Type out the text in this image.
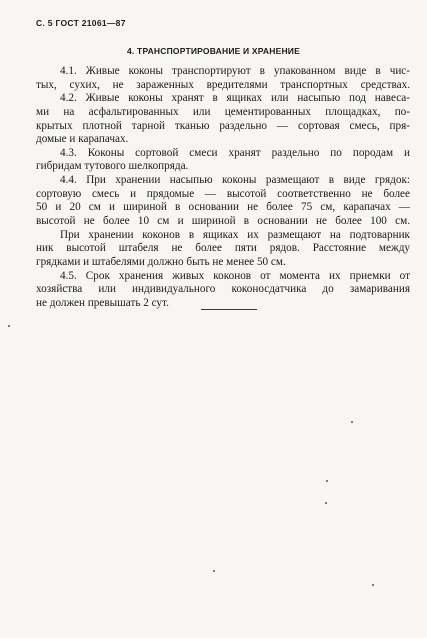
С. 5 ГОСТ 21061—87
4. ТРАНСПОРТИРОВАНИЕ И ХРАНЕНИЕ
4.1. Живые коконы транспортируют в упакованном виде в чис-
тых, сухих, не зараженных вредителями транспортных средствах.
4.2. Живые коконы хранят в ящиках или насыпью под навеса-
ми на асфальтированных или цементированных площадках, по-
крытых плотной тарной тканью раздельно — сортовая смесь, пря-
домые и карапачах.
4.3. Коконы сортовой смеси хранят раздельно по породам и
гибридам тутового шелкопряда.
4.4. При хранении насыпью коконы размещают в виде грядок:
сортовую смесь и прядомые — высотой соответственно не более
50 и 20 см и шириной в основании не более 75 см, карапачах —
высотой не более 10 см и шириной в основании не более 100 см.
При хранении коконов в ящиках их размещают на подтоварник
ник высотой штабеля не более пяти рядов. Расстояние между
грядками и штабелями должно быть не менее 50 см.
4.5. Срок хранения живых коконов от момента их приемки от
хозяйства или индивидуального коконосдатчика до замаривания
не должен превышать 2 сут.
